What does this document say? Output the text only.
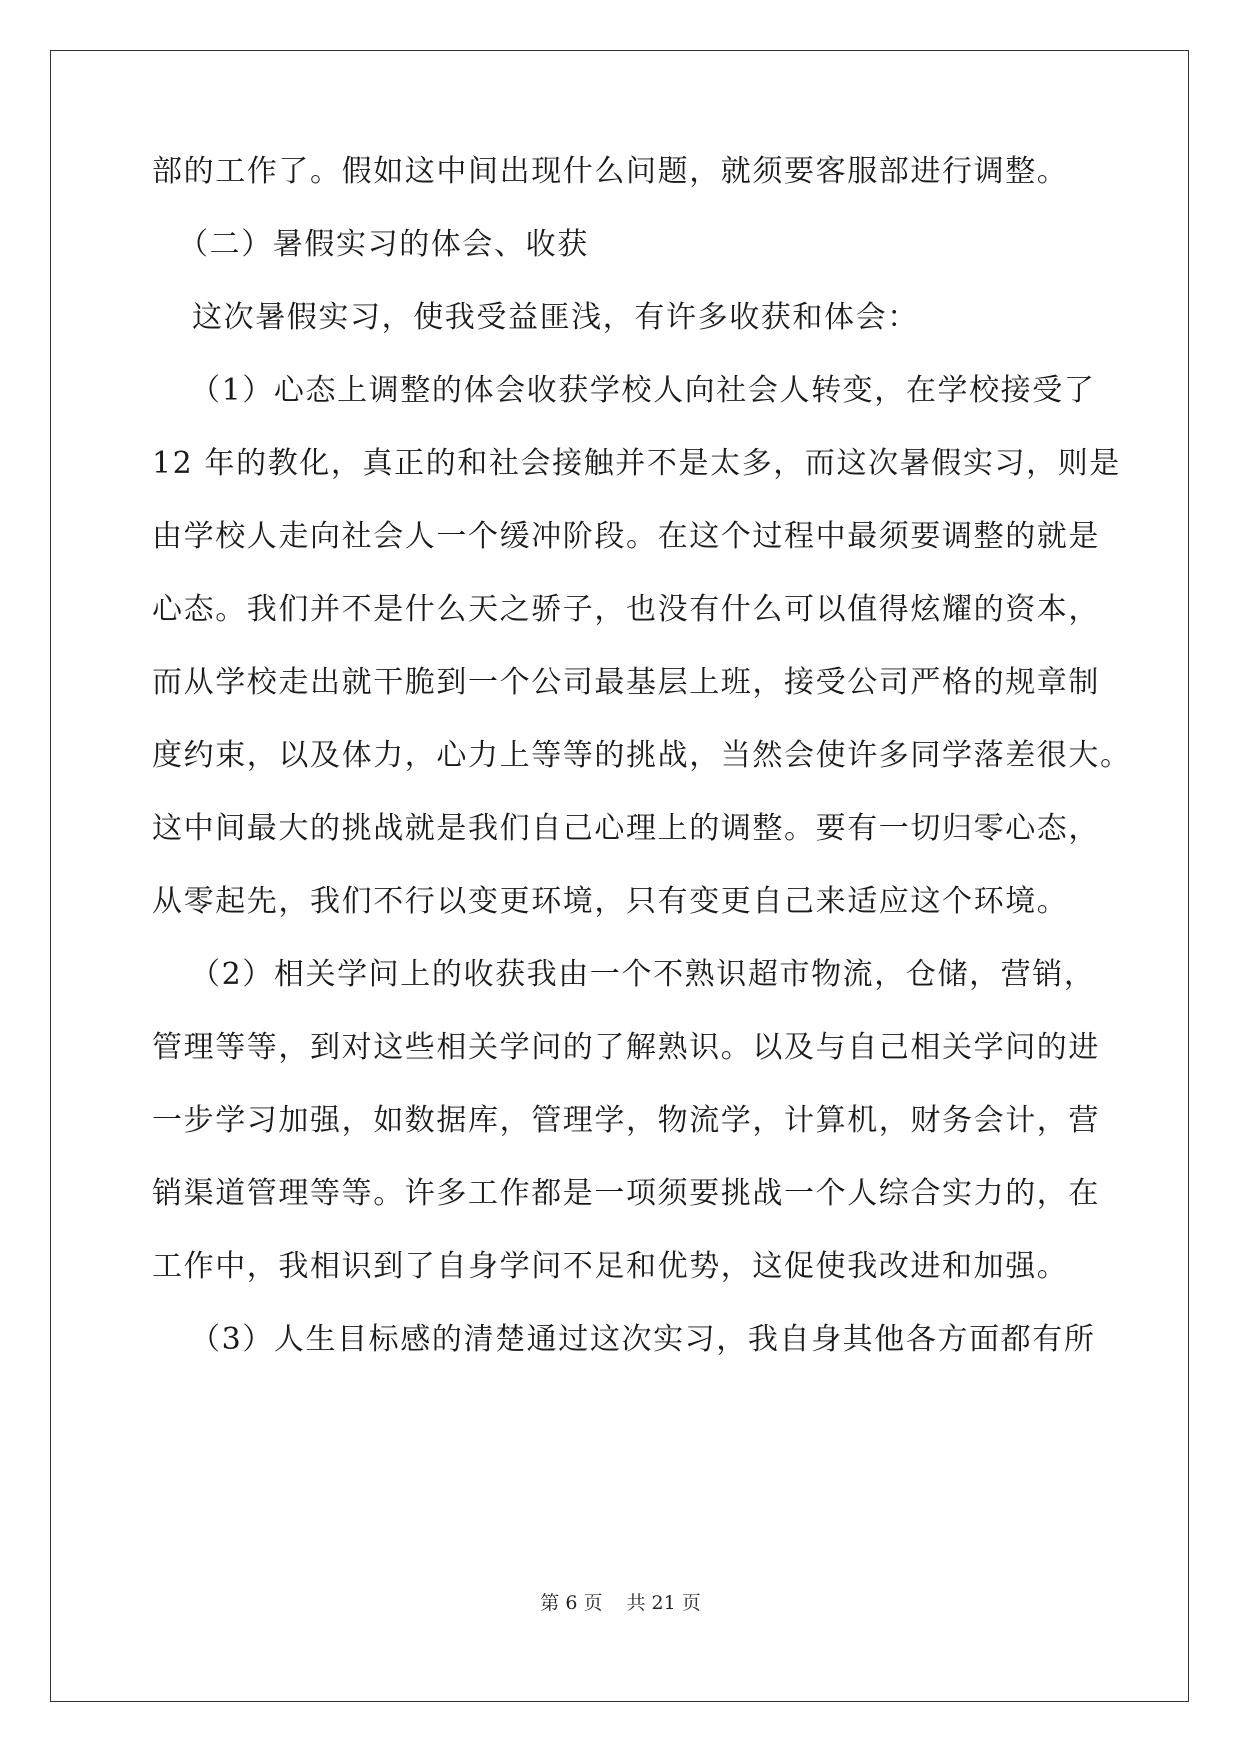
部的工作了。假如这中间出现什么问题，就须要客服部进行调整。
（二）暑假实习的体会、收获
这次暑假实习，使我受益匪浅，有许多收获和体会：
（1）心态上调整的体会收获学校人向社会人转变，在学校接受了
12 年的教化，真正的和社会接触并不是太多，而这次暑假实习，则是
由学校人走向社会人一个缓冲阶段。在这个过程中最须要调整的就是
心态。我们并不是什么天之骄子，也没有什么可以值得炫耀的资本，
而从学校走出就干脆到一个公司最基层上班，接受公司严格的规章制
度约束，以及体力，心力上等等的挑战，当然会使许多同学落差很大。
这中间最大的挑战就是我们自己心理上的调整。要有一切归零心态，
从零起先，我们不行以变更环境，只有变更自己来适应这个环境。
（2）相关学问上的收获我由一个不熟识超市物流，仓储，营销，
管理等等，到对这些相关学问的了解熟识。以及与自己相关学问的进
一步学习加强，如数据库，管理学，物流学，计算机，财务会计，营
销渠道管理等等。许多工作都是一项须要挑战一个人综合实力的，在
工作中，我相识到了自身学问不足和优势，这促使我改进和加强。
（3）人生目标感的清楚通过这次实习，我自身其他各方面都有所
第 6 页 共 21 页
